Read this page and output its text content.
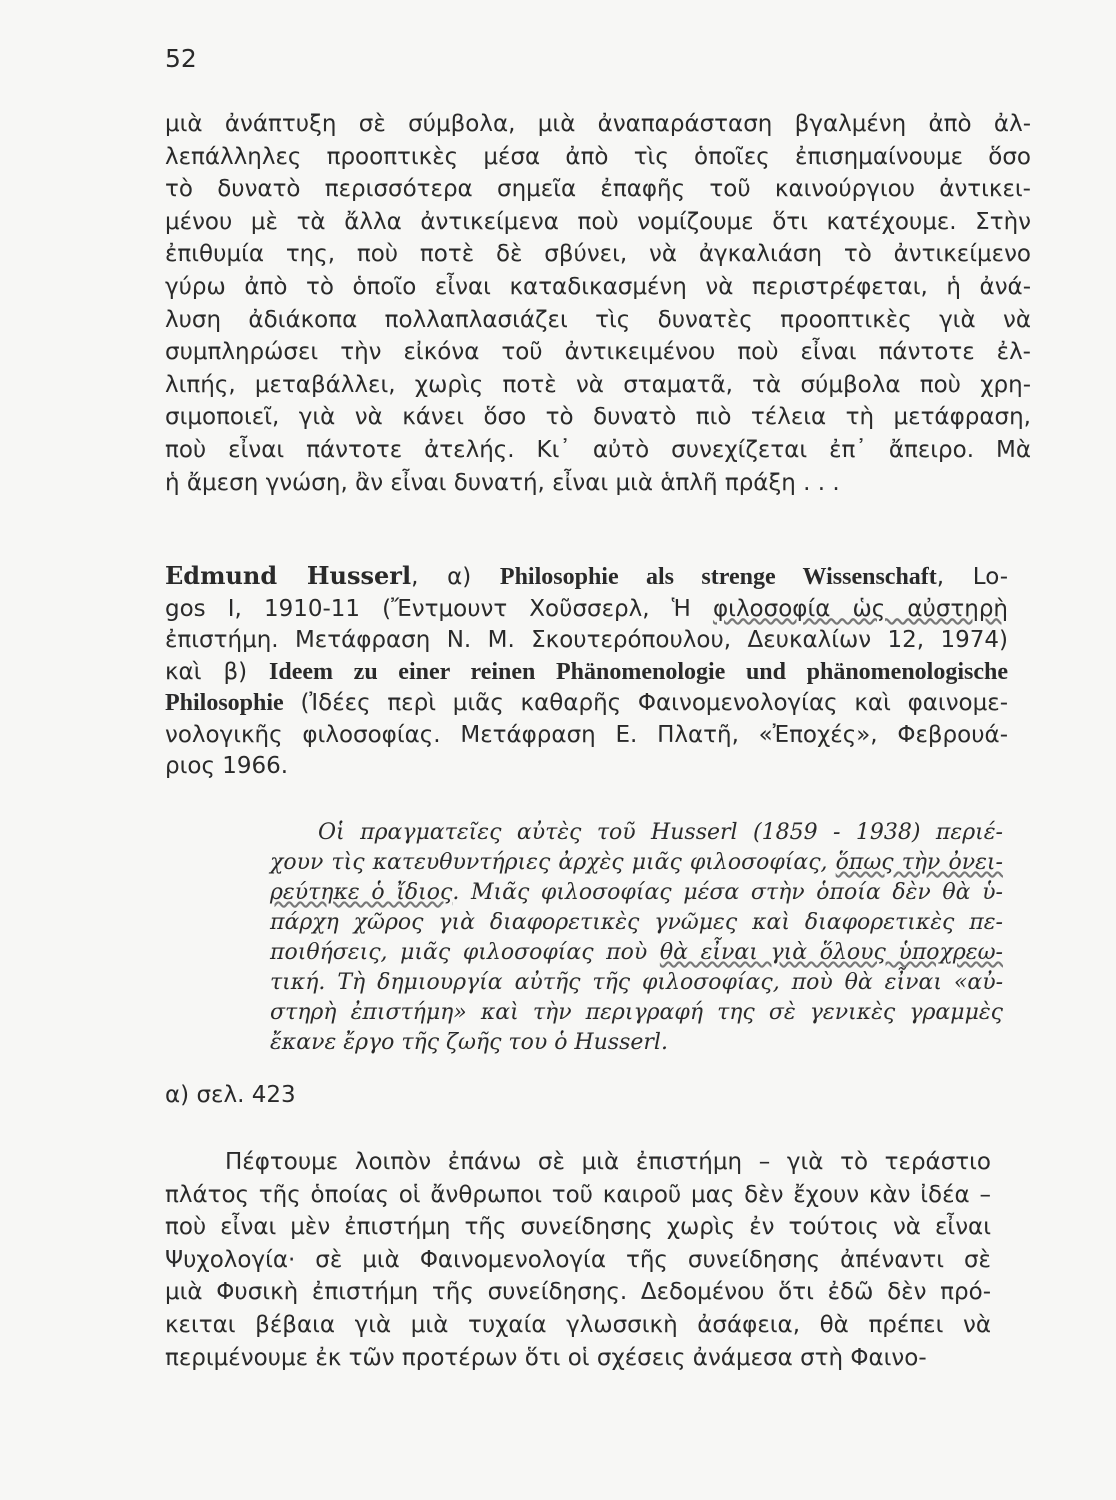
52
μιὰ ἀνάπτυξη σὲ σύμβολα, μιὰ ἀναπαράσταση βγαλμένη ἀπὸ ἀλ-
λεπάλληλες προοπτικὲς μέσα ἀπὸ τὶς ὁποῖες ἐπισημαίνουμε ὅσο
τὸ δυνατὸ περισσότερα σημεῖα ἐπαφῆς τοῦ καινούργιου ἀντικει-
μένου μὲ τὰ ἄλλα ἀντικείμενα ποὺ νομίζουμε ὅτι κατέχουμε. Στὴν
ἐπιθυμία της, ποὺ ποτὲ δὲ σβύνει, νὰ ἀγκαλιάση τὸ ἀντικείμενο
γύρω ἀπὸ τὸ ὁποῖο εἶναι καταδικασμένη νὰ περιστρέφεται, ἡ ἀνά-
λυση ἀδιάκοπα πολλαπλασιάζει τὶς δυνατὲς προοπτικὲς γιὰ νὰ
συμπληρώσει τὴν εἰκόνα τοῦ ἀντικειμένου ποὺ εἶναι πάντοτε ἐλ-
λιπής, μεταβάλλει, χωρὶς ποτὲ νὰ σταματᾶ, τὰ σύμβολα ποὺ χρη-
σιμοποιεῖ, γιὰ νὰ κάνει ὅσο τὸ δυνατὸ πιὸ τέλεια τὴ μετάφραση,
ποὺ εἶναι πάντοτε ἀτελής. Κι᾿ αὐτὸ συνεχίζεται ἐπ᾿ ἄπειρο. Μὰ
ἡ ἄμεση γνώση, ἂν εἶναι δυνατή, εἶναι μιὰ ἁπλῆ πράξη . . .
Edmund Husserl, α) Philosophie als strenge Wissenschaft, Lo-
gos I, 1910-11 (Ἔντμουντ Χοῦσσερλ, Ἡ φιλοσοφία ὡς αὐστηρὴ
ἐπιστήμη. Μετάφραση Ν. Μ. Σκουτερόπουλου, Δευκαλίων 12, 1974)
καὶ β) Ideem zu einer reinen Phänomenologie und phänomenologische
Philosophie (Ἰδέες περὶ μιᾶς καθαρῆς Φαινομενολογίας καὶ φαινομε-
νολογικῆς φιλοσοφίας. Μετάφραση Ε. Πλατῆ, «Ἐποχές», Φεβρουά-
ριος 1966.
Οἱ πραγματεῖες αὐτὲς τοῦ Husserl (1859 - 1938) περιέ-
χουν τὶς κατευθυντήριες ἀρχὲς μιᾶς φιλοσοφίας, ὅπως τὴν ὀνει-
ρεύτηκε ὁ ἴδιος. Μιᾶς φιλοσοφίας μέσα στὴν ὁποία δὲν θὰ ὑ-
πάρχη χῶρος γιὰ διαφορετικὲς γνῶμες καὶ διαφορετικὲς πε-
ποιθήσεις, μιᾶς φιλοσοφίας ποὺ θὰ εἶναι γιὰ ὅλους ὑποχρεω-
τική. Τὴ δημιουργία αὐτῆς τῆς φιλοσοφίας, ποὺ θὰ εἶναι «αὐ-
στηρὴ ἐπιστήμη» καὶ τὴν περιγραφή της σὲ γενικὲς γραμμὲς
ἔκανε ἔργο τῆς ζωῆς του ὁ Husserl.
α) σελ. 423
Πέφτουμε λοιπὸν ἐπάνω σὲ μιὰ ἐπιστήμη – γιὰ τὸ τεράστιο
πλάτος τῆς ὁποίας οἱ ἄνθρωποι τοῦ καιροῦ μας δὲν ἔχουν κὰν ἰδέα –
ποὺ εἶναι μὲν ἐπιστήμη τῆς συνείδησης χωρὶς ἐν τούτοις νὰ εἶναι
Ψυχολογία· σὲ μιὰ Φαινομενολογία τῆς συνείδησης ἀπέναντι σὲ
μιὰ Φυσικὴ ἐπιστήμη τῆς συνείδησης. Δεδομένου ὅτι ἐδῶ δὲν πρό-
κειται βέβαια γιὰ μιὰ τυχαία γλωσσικὴ ἀσάφεια, θὰ πρέπει νὰ
περιμένουμε ἐκ τῶν προτέρων ὅτι οἱ σχέσεις ἀνάμεσα στὴ Φαινο-
